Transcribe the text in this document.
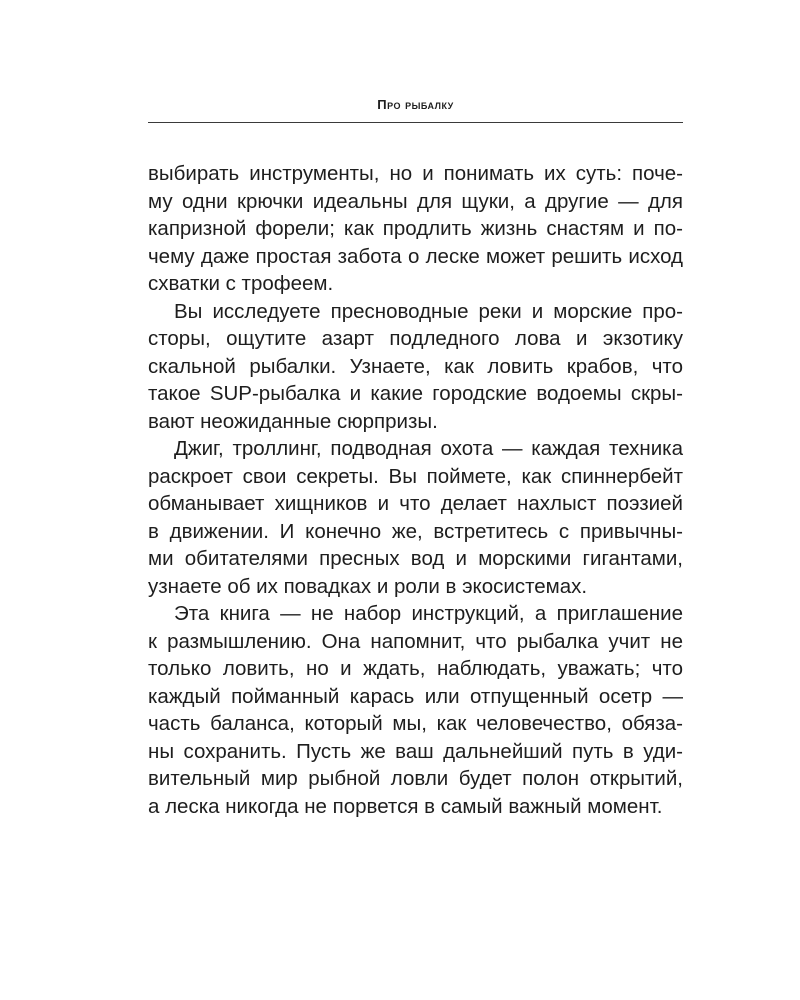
Про рыбалку
выбирать инструменты, но и понимать их суть: поче-
му одни крючки идеальны для щуки, а другие — для
капризной форели; как продлить жизнь снастям и по-
чему даже простая забота о леске может решить исход
схватки с трофеем.
Вы исследуете пресноводные реки и морские про-
сторы, ощутите азарт подледного лова и экзотику
скальной рыбалки. Узнаете, как ловить крабов, что
такое SUP-рыбалка и какие городские водоемы скры-
вают неожиданные сюрпризы.
Джиг, троллинг, подводная охота — каждая техника
раскроет свои секреты. Вы поймете, как спиннербейт
обманывает хищников и что делает нахлыст поэзией
в движении. И конечно же, встретитесь с привычны-
ми обитателями пресных вод и морскими гигантами,
узнаете об их повадках и роли в экосистемах.
Эта книга — не набор инструкций, а приглашение
к размышлению. Она напомнит, что рыбалка учит не
только ловить, но и ждать, наблюдать, уважать; что
каждый пойманный карась или отпущенный осетр —
часть баланса, который мы, как человечество, обяза-
ны сохранить. Пусть же ваш дальнейший путь в уди-
вительный мир рыбной ловли будет полон открытий,
а леска никогда не порвется в самый важный момент.
